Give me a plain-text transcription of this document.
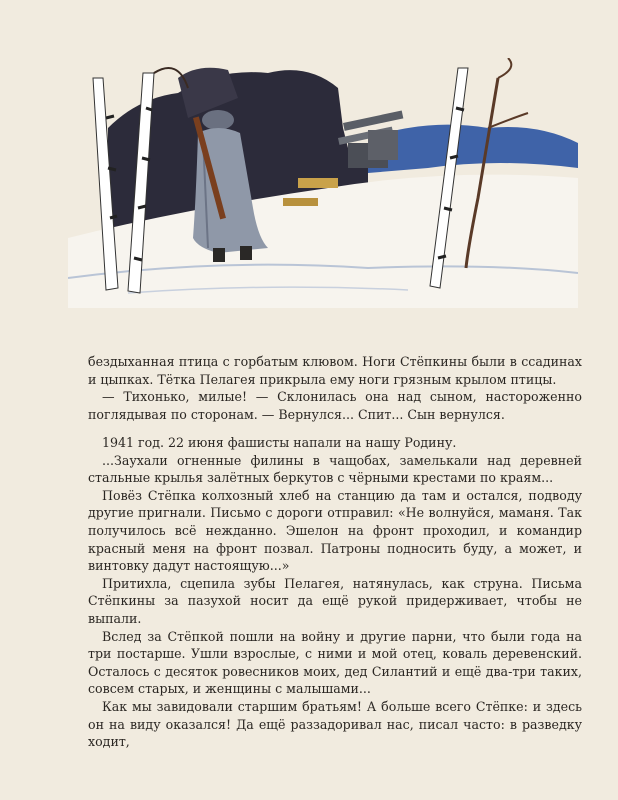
бездыханная птица с горбатым клювом. Ноги Стёпкины были в ссадинах и цыпках. Тётка Пелагея прикрыла ему ноги грязным крылом птицы.

— Тихонько, милые! — Склонилась она над сыном, настороженно поглядывая по сторонам. — Вернулся... Спит... Сын вернулся.

1941 год. 22 июня фашисты напали на нашу Родину.

...Заухали огненные филины в чащобах, замелькали над деревней стальные крылья залётных беркутов с чёрными крестами по краям...

Повёз Стёпка колхозный хлеб на станцию да там и остался, подводу другие пригнали. Письмо с дороги отправил: «Не волнуйся, маманя. Так получилось всё нежданно. Эшелон на фронт проходил, и командир красный меня на фронт позвал. Патроны подносить буду, а может, и винтовку дадут настоящую...»

Притихла, сцепила зубы Пелагея, натянулась, как струна. Письма Стёпкины за пазухой носит да ещё рукой придерживает, чтобы не выпали.

Вслед за Стёпкой пошли на войну и другие парни, что были года на три постарше. Ушли взрослые, с ними и мой отец, коваль деревенский. Осталось с десяток ровесников моих, дед Силантий и ещё два-три таких, совсем старых, и женщины с малышами...

Как мы завидовали старшим братьям! А больше всего Стёпке: и здесь он на виду оказался! Да ещё раззадоривал нас, писал часто: в разведку ходит,
